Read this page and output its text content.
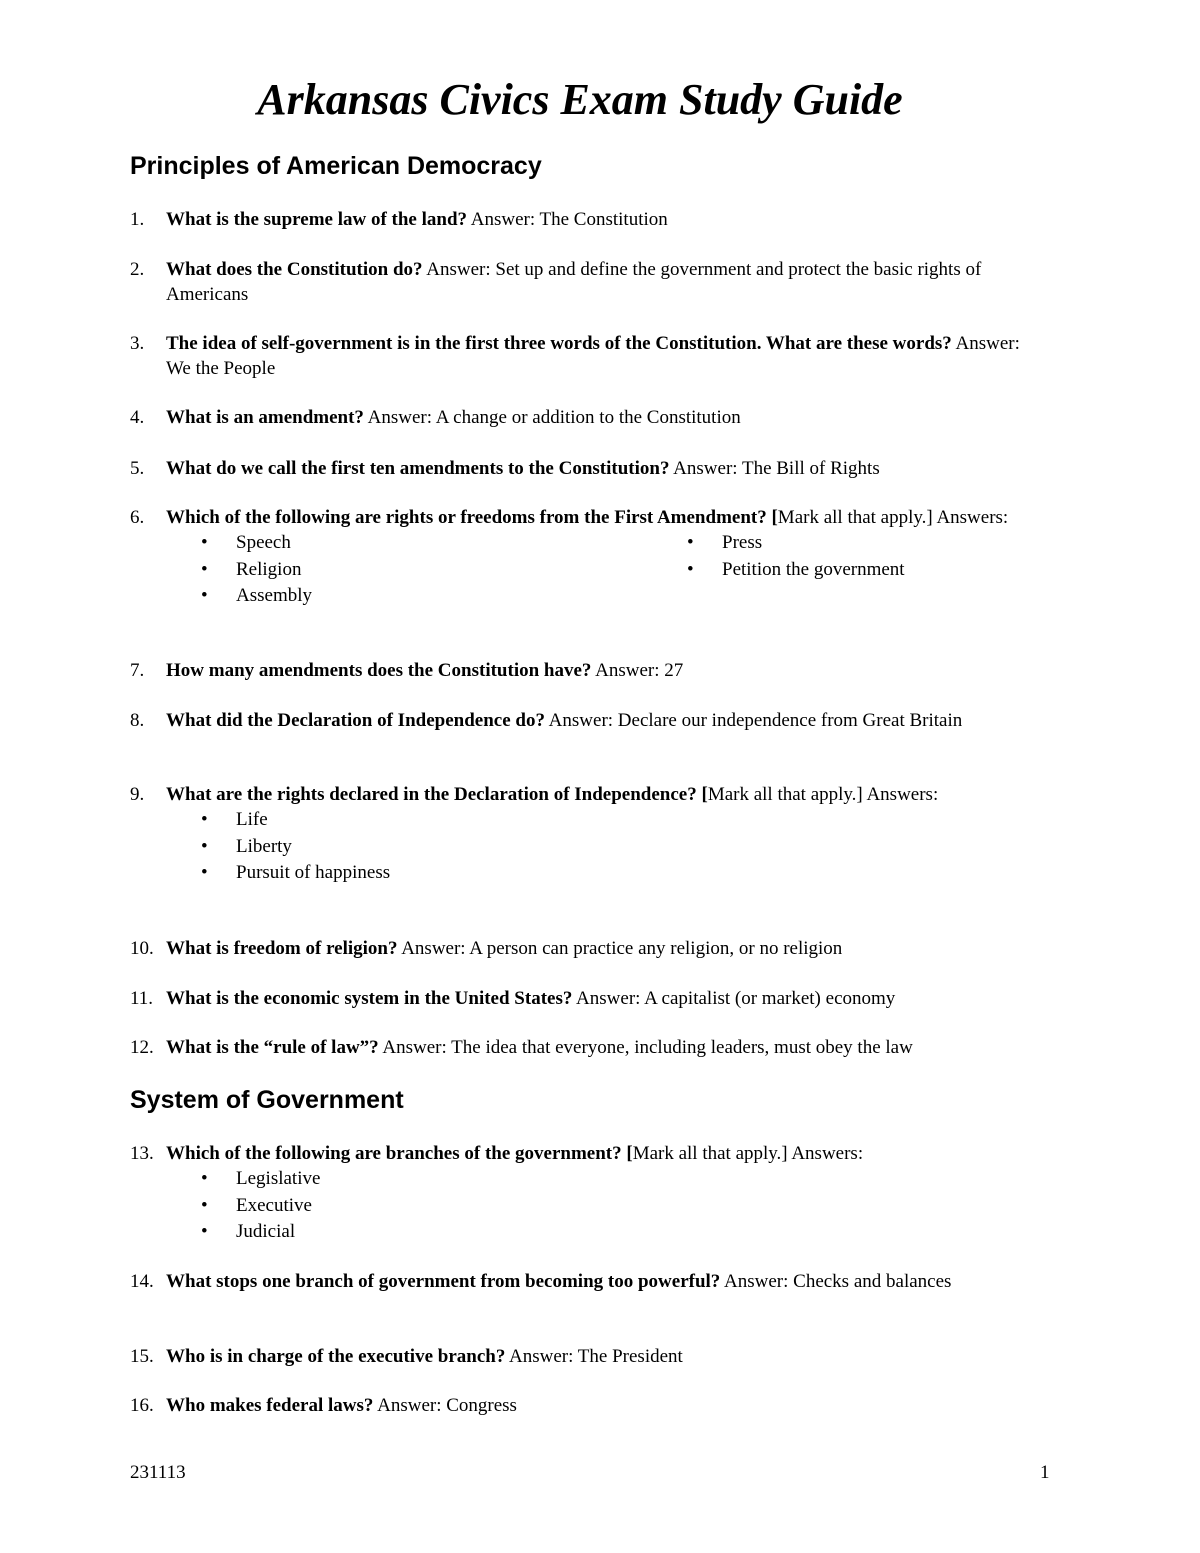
Arkansas Civics Exam Study Guide
Principles of American Democracy
1. What is the supreme law of the land? Answer: The Constitution
2. What does the Constitution do? Answer: Set up and define the government and protect the basic rights of Americans
3. The idea of self-government is in the first three words of the Constitution. What are these words? Answer: We the People
4. What is an amendment? Answer: A change or addition to the Constitution
5. What do we call the first ten amendments to the Constitution? Answer: The Bill of Rights
6. Which of the following are rights or freedoms from the First Amendment? [Mark all that apply.] Answers:
• Speech
• Religion
• Assembly
• Press
• Petition the government
7. How many amendments does the Constitution have? Answer: 27
8. What did the Declaration of Independence do? Answer: Declare our independence from Great Britain
9. What are the rights declared in the Declaration of Independence? [Mark all that apply.] Answers:
• Life
• Liberty
• Pursuit of happiness
10. What is freedom of religion? Answer: A person can practice any religion, or no religion
11. What is the economic system in the United States? Answer: A capitalist (or market) economy
12. What is the “rule of law”? Answer: The idea that everyone, including leaders, must obey the law
System of Government
13. Which of the following are branches of the government? [Mark all that apply.] Answers:
• Legislative
• Executive
• Judicial
14. What stops one branch of government from becoming too powerful? Answer: Checks and balances
15. Who is in charge of the executive branch? Answer: The President
16. Who makes federal laws? Answer: Congress
231113	1
